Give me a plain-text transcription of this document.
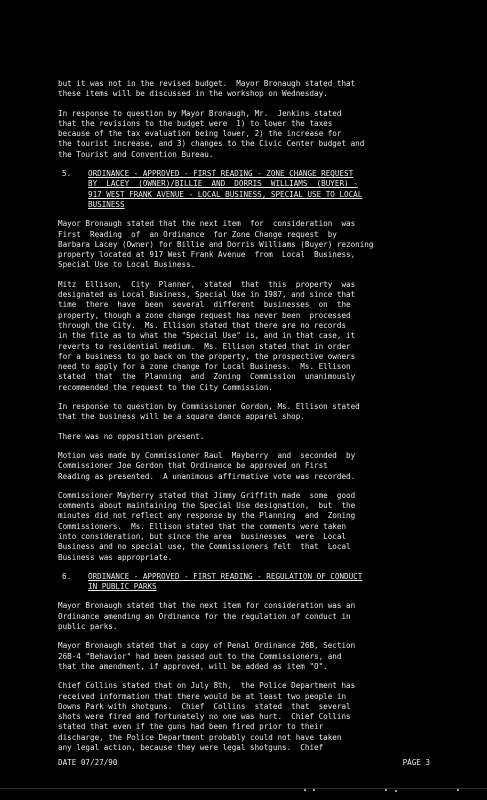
but it was not in the revised budget.  Mayor Bronaugh stated that
these items will be discussed in the workshop on Wednesday.

In response to question by Mayor Bronaugh, Mr.  Jenkins stated
that the revisions to the budget were  1) to lower the taxes
because of the tax evaluation being lower, 2) the increase for
the tourist increase, and 3) changes to the Civic Center budget and
the Tourist and Convention Bureau.

5. ORDINANCE - APPROVED - FIRST READING - ZONE CHANGE REQUEST
BY  LACEY  (OWNER)/BILLIE  AND  DORRIS  WILLIAMS  (BUYER) -
917 WEST FRANK AVENUE - LOCAL BUSINESS, SPECIAL USE TO LOCAL
BUSINESS

Mayor Bronaugh stated that the next item  for  consideration  was
First  Reading  of  an Ordinance  for Zone Change request  by
Barbara Lacey (Owner) for Billie and Dorris Williams (Buyer) rezoning
property located at 917 West Frank Avenue  from  Local  Business,
Special Use to Local Business.

Mitz  Ellison,  City  Planner,  stated  that  this  property  was
designated as Local Business, Special Use in 1987, and since that
time  there  have  been  several  different  businesses  on  the
property, though a zone change request has never been  processed
through the City.  Ms. Ellison stated that there are no records
in the file as to what the "Special Use" is, and in that case, it
reverts to residential medium.  Ms. Ellison stated that in order
for a business to go back on the property, the prospective owners
need to apply for a zone change for Local Business.  Ms. Ellison
stated  that  the  Planning  and  Zoning  Commission  unanimously
recommended the request to the City Commission.

In response to question by Commissioner Gordon, Ms. Ellison stated
that the business will be a square dance apparel shop.

There was no opposition present.

Motion was made by Commissioner Raul  Mayberry  and  seconded  by
Commissioner Joe Gordon that Ordinance be approved on First
Reading as presented.  A unanimous affirmative vote was recorded.

Commissioner Mayberry stated that Jimmy Griffith made  some  good
comments about maintaining the Special Use designation,  but  the
minutes did not reflect any response by the Planning  and  Zoning
Commissioners.  Ms. Ellison stated that the comments were taken
into consideration, but since the area  businesses  were  Local
Business and no special use, the Commissioners felt  that  Local
Business was appropriate.

6. ORDINANCE - APPROVED - FIRST READING - REGULATION OF CONDUCT
IN PUBLIC PARKS

Mayor Bronaugh stated that the next item for consideration was an
Ordinance amending an Ordinance for the regulation of conduct in
public parks.

Mayor Bronaugh stated that a copy of Penal Ordinance 26B, Section
26B-4 "Behavior" had been passed out to the Commissioners, and
that the amendment, if approved, will be added as item "O".

Chief Collins stated that on July 8th,  the Police Department has
received information that there would be at least two people in
Downs Park with shotguns.  Chief  Collins  stated  that  several
shots were fired and fortunately no one was hurt.  Chief Collins
stated that even if the guns had been fired prior to their
discharge, the Police Department probably could not have taken
any legal action, because they were legal shotguns.  Chief

DATE 07/27/90	PAGE 3
